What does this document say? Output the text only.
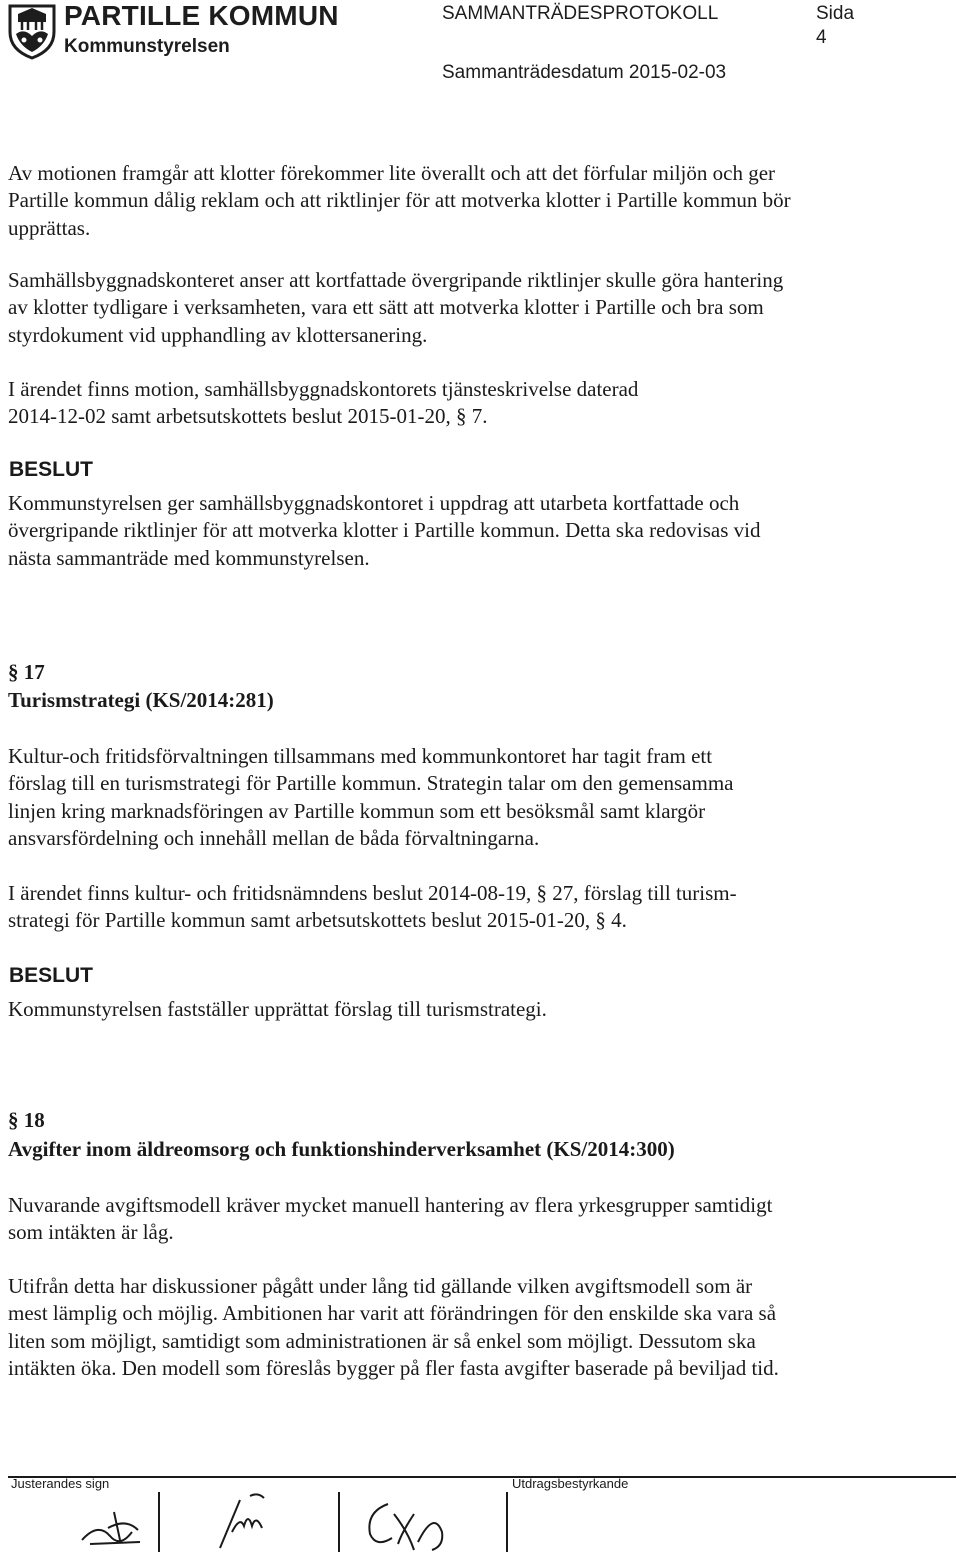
PARTILLE KOMMUN
Kommunstyrelsen
SAMMANTRÄDESPROTOKOLL	Sida
4
Sammanträdesdatum 2015-02-03
Av motionen framgår att klotter förekommer lite överallt och att det förfular miljön och ger
Partille kommun dålig reklam och att riktlinjer för att motverka klotter i Partille kommun bör
upprättas.
Samhällsbyggnadskonteret anser att kortfattade övergripande riktlinjer skulle göra hantering
av klotter tydligare i verksamheten, vara ett sätt att motverka klotter i Partille och bra som
styrdokument vid upphandling av klottersanering.
I ärendet finns motion, samhällsbyggnadskontorets tjänsteskrivelse daterad
2014-12-02 samt arbetsutskottets beslut 2015-01-20, § 7.
BESLUT
Kommunstyrelsen ger samhällsbyggnadskontoret i uppdrag att utarbeta kortfattade och
övergripande riktlinjer för att motverka klotter i Partille kommun. Detta ska redovisas vid
nästa sammanträde med kommunstyrelsen.
§ 17
Turismstrategi (KS/2014:281)
Kultur-och fritidsförvaltningen tillsammans med kommunkontoret har tagit fram ett
förslag till en turismstrategi för Partille kommun. Strategin talar om den gemensamma
linjen kring marknadsföringen av Partille kommun som ett besöksmål samt klargör
ansvarsfördelning och innehåll mellan de båda förvaltningarna.
I ärendet finns kultur- och fritidsnämndens beslut 2014-08-19, § 27, förslag till turism-
strategi för Partille kommun samt arbetsutskottets beslut 2015-01-20, § 4.
BESLUT
Kommunstyrelsen fastställer upprättat förslag till turismstrategi.
§ 18
Avgifter inom äldreomsorg och funktionshinderverksamhet (KS/2014:300)
Nuvarande avgiftsmodell kräver mycket manuell hantering av flera yrkesgrupper samtidigt
som intäkten är låg.
Utifrån detta har diskussioner pågått under lång tid gällande vilken avgiftsmodell som är
mest lämplig och möjlig. Ambitionen har varit att förändringen för den enskilde ska vara så
liten som möjligt, samtidigt som administrationen är så enkel som möjligt. Dessutom ska
intäkten öka. Den modell som föreslås bygger på fler fasta avgifter baserade på beviljad tid.
Justerandes sign	Utdragsbestyrkande
